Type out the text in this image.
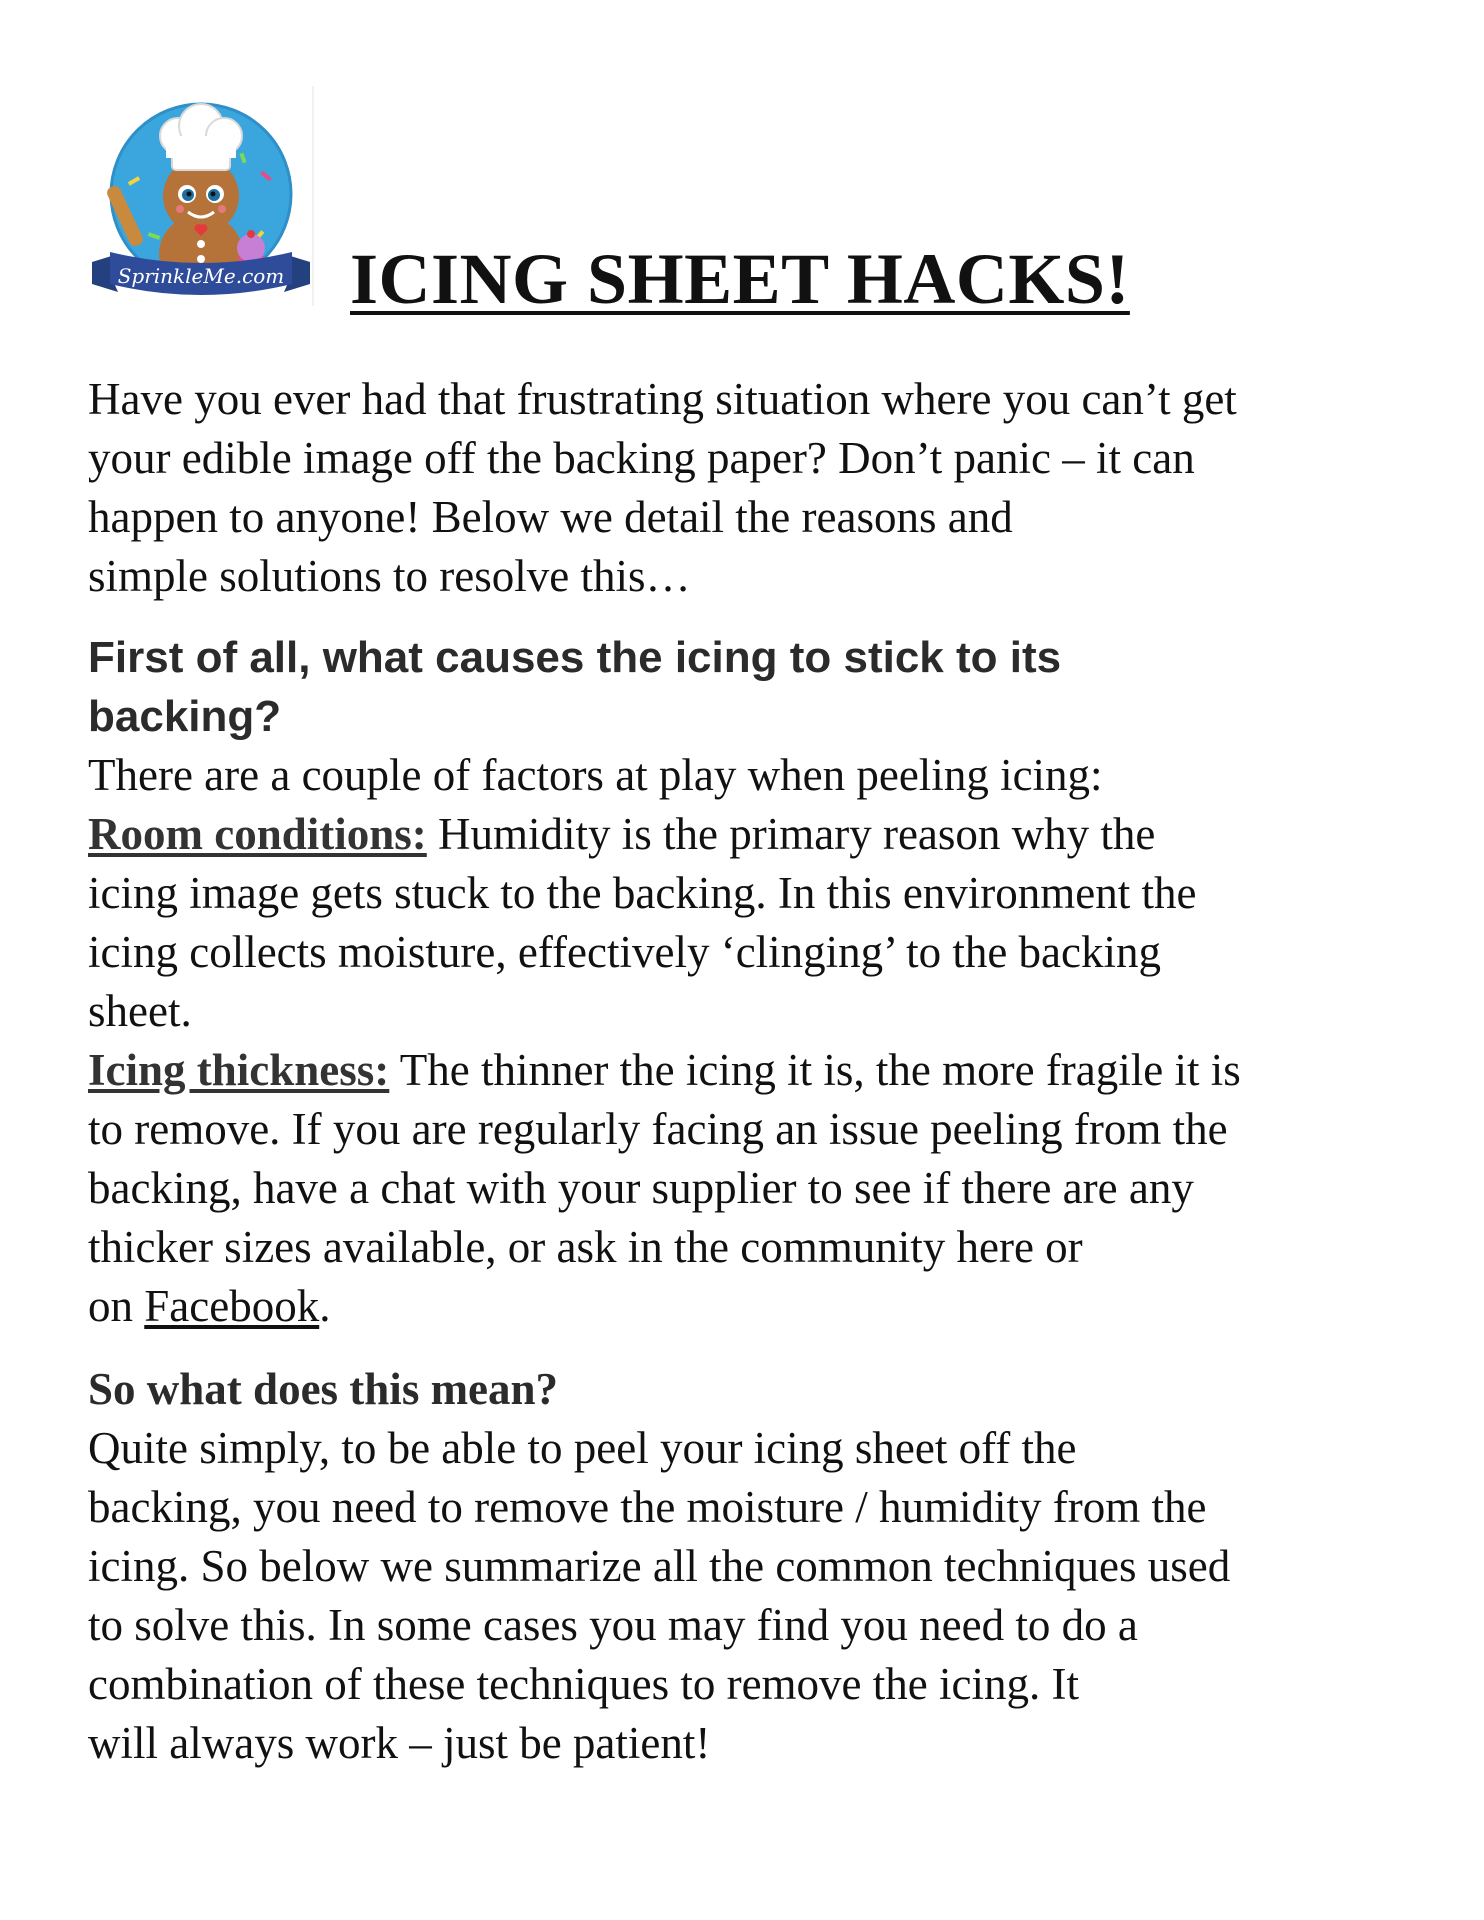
SprinkleMe.com ICING SHEET HACKS!

Have you ever had that frustrating situation where you can’t get

your edible image off the backing paper? Don’t panic – it can

happen to anyone! Below we detail the reasons and

simple solutions to resolve this…

First of all, what causes the icing to stick to its

backing?

There are a couple of factors at play when peeling icing:

Room conditions: Humidity is the primary reason why the

icing image gets stuck to the backing. In this environment the

icing collects moisture, effectively ‘clinging’ to the backing

sheet.

Icing thickness: The thinner the icing it is, the more fragile it is

to remove. If you are regularly facing an issue peeling from the

backing, have a chat with your supplier to see if there are any

thicker sizes available, or ask in the community here or

on Facebook.

So what does this mean?

Quite simply, to be able to peel your icing sheet off the

backing, you need to remove the moisture / humidity from the

icing. So below we summarize all the common techniques used

to solve this. In some cases you may find you need to do a

combination of these techniques to remove the icing. It

will always work – just be patient!
